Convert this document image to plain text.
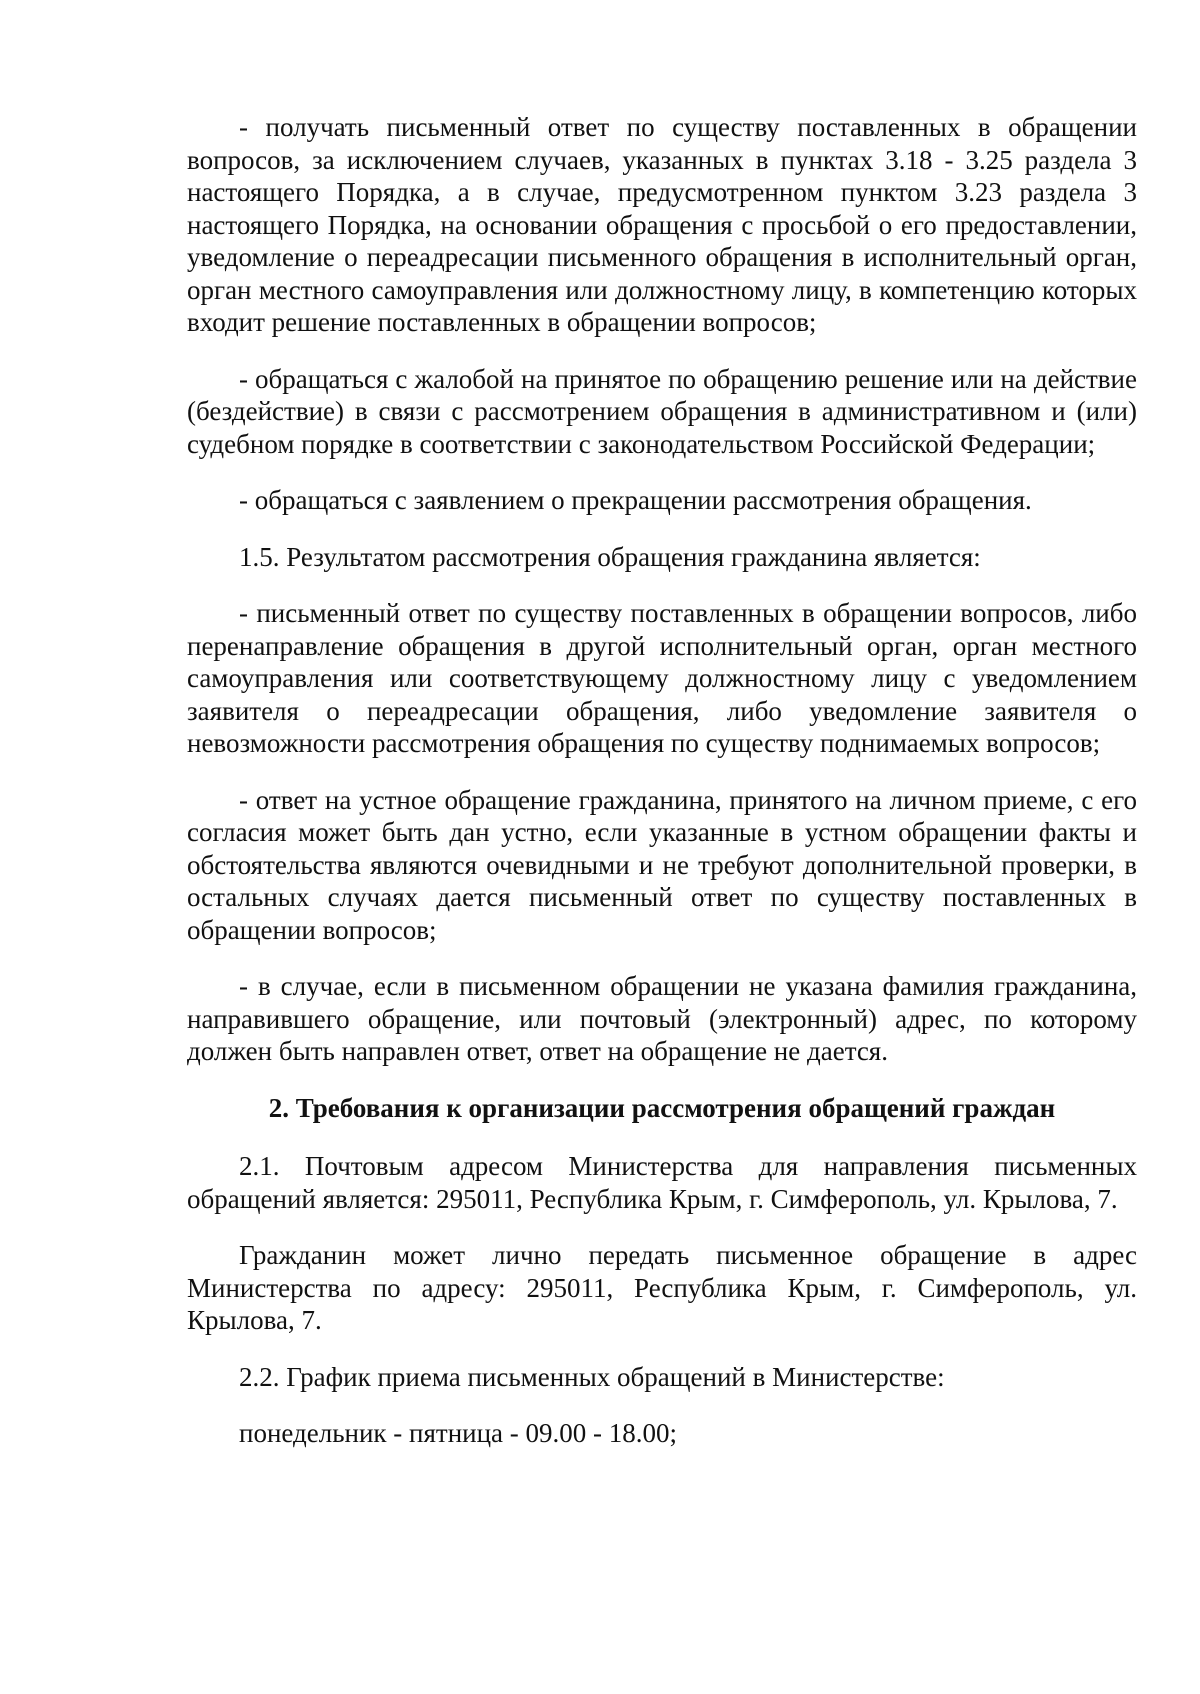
- получать письменный ответ по существу поставленных в обращении вопросов, за исключением случаев, указанных в пунктах 3.18 - 3.25 раздела 3 настоящего Порядка, а в случае, предусмотренном пунктом 3.23 раздела 3 настоящего Порядка, на основании обращения с просьбой о его предоставлении, уведомление о переадресации письменного обращения в исполнительный орган, орган местного самоуправления или должностному лицу, в компетенцию которых входит решение поставленных в обращении вопросов;

- обращаться с жалобой на принятое по обращению решение или на действие (бездействие) в связи с рассмотрением обращения в административном и (или) судебном порядке в соответствии с законодательством Российской Федерации;

- обращаться с заявлением о прекращении рассмотрения обращения.

1.5. Результатом рассмотрения обращения гражданина является:

- письменный ответ по существу поставленных в обращении вопросов, либо перенаправление обращения в другой исполнительный орган, орган местного самоуправления или соответствующему должностному лицу с уведомлением заявителя о переадресации обращения, либо уведомление заявителя о невозможности рассмотрения обращения по существу поднимаемых вопросов;

- ответ на устное обращение гражданина, принятого на личном приеме, с его согласия может быть дан устно, если указанные в устном обращении факты и обстоятельства являются очевидными и не требуют дополнительной проверки, в остальных случаях дается письменный ответ по существу поставленных в обращении вопросов;

- в случае, если в письменном обращении не указана фамилия гражданина, направившего обращение, или почтовый (электронный) адрес, по которому должен быть направлен ответ, ответ на обращение не дается.

2. Требования к организации рассмотрения обращений граждан

2.1. Почтовым адресом Министерства для направления письменных обращений является: 295011, Республика Крым, г. Симферополь, ул. Крылова, 7.

Гражданин может лично передать письменное обращение в адрес Министерства по адресу: 295011, Республика Крым, г. Симферополь, ул. Крылова, 7.

2.2. График приема письменных обращений в Министерстве:

понедельник - пятница - 09.00 - 18.00;
